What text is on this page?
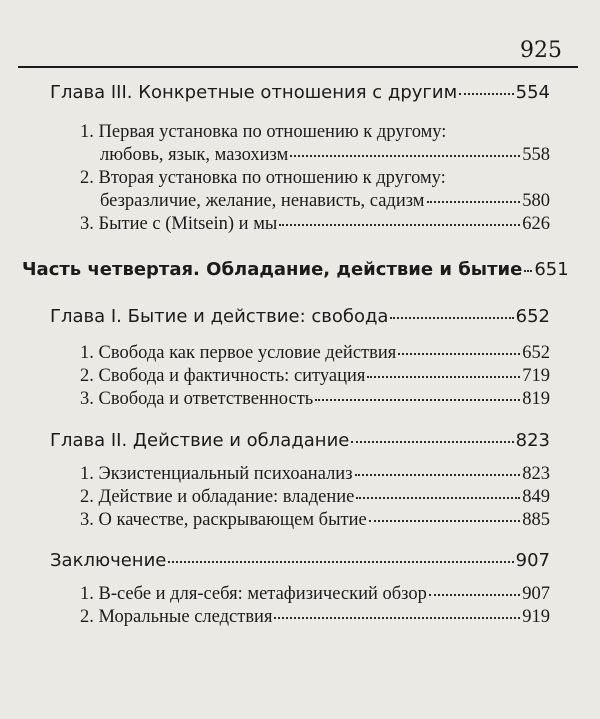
925
Глава III. Конкретные отношения с другим	554
1. Первая установка по отношению к другому:
любовь, язык, мазохизм	558
2. Вторая установка по отношению к другому:
безразличие, желание, ненависть, садизм	580
3. Бытие с (Mitsein) и мы	626
Часть четвертая. Обладание, действие и бытие 651
Глава I. Бытие и действие: свобода	652
1. Свобода как первое условие действия	652
2. Свобода и фактичность: ситуация	719
3. Свобода и ответственность	819
Глава II. Действие и обладание	823
1. Экзистенциальный психоанализ	823
2. Действие и обладание: владение	849
3. О качестве, раскрывающем бытие	885
Заключение	907
1. В-себе и для-себя: метафизический обзор	907
2. Моральные следствия	919
